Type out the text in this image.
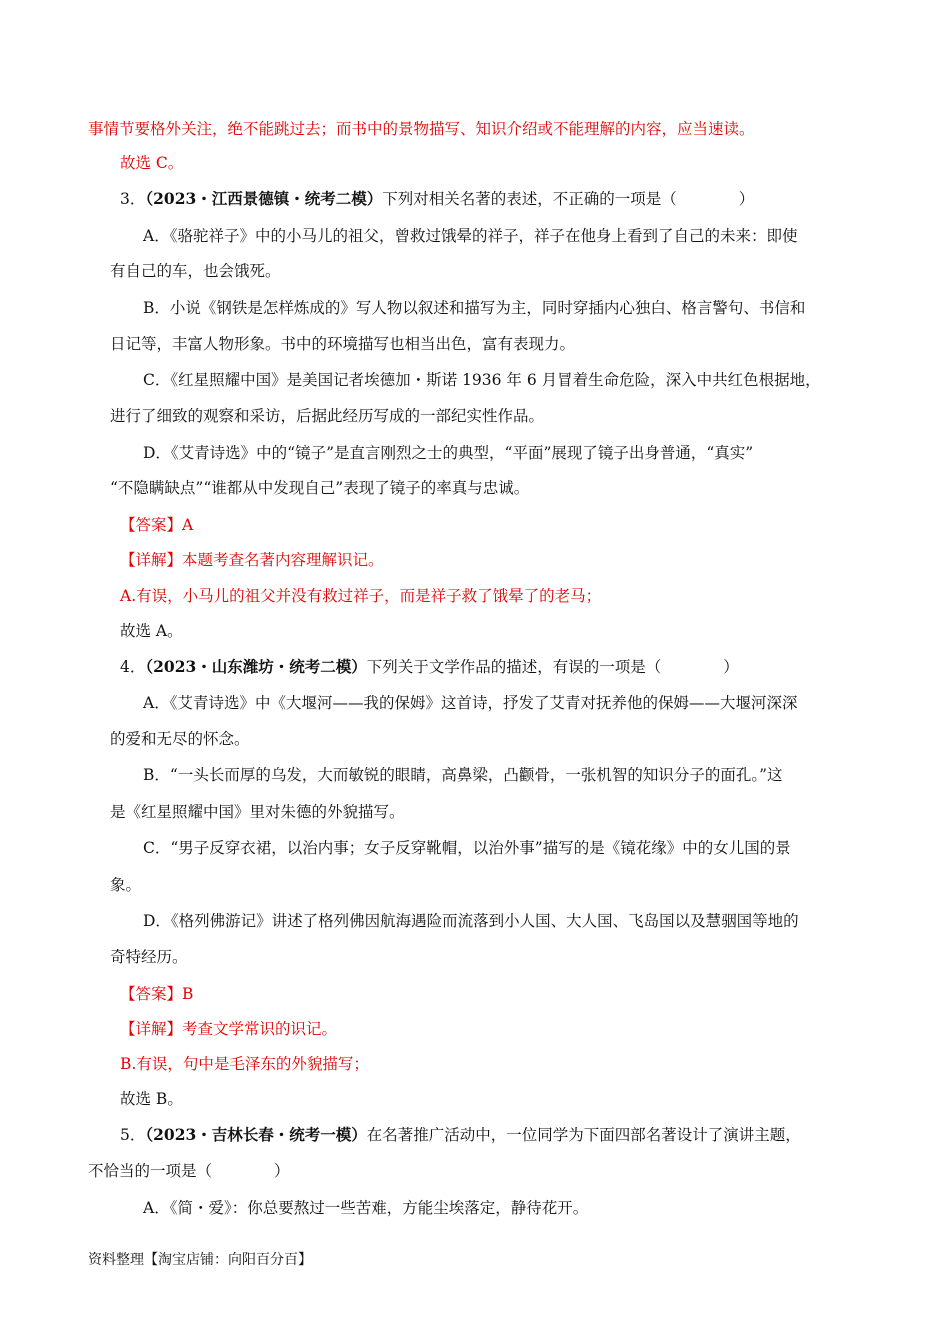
事情节要格外关注，绝不能跳过去；而书中的景物描写、知识介绍或不能理解的内容，应当速读。
故选 C。
3．（2023・江西景德镇・统考二模）下列对相关名著的表述，不正确的一项是（　　　　）
A．《骆驼祥子》中的小马儿的祖父，曾救过饿晕的祥子，祥子在他身上看到了自己的未来：即使
有自己的车，也会饿死。
B．小说《钢铁是怎样炼成的》写人物以叙述和描写为主，同时穿插内心独白、格言警句、书信和
日记等，丰富人物形象。书中的环境描写也相当出色，富有表现力。
C．《红星照耀中国》是美国记者埃德加・斯诺 1936 年 6 月冒着生命危险，深入中共红色根据地，
进行了细致的观察和采访，后据此经历写成的一部纪实性作品。
D．《艾青诗选》中的“镜子”是直言刚烈之士的典型，“平面”展现了镜子出身普通，“真实”
“不隐瞒缺点”“谁都从中发现自己”表现了镜子的率真与忠诚。
【答案】A
【详解】本题考查名著内容理解识记。
A.有误，小马儿的祖父并没有救过祥子，而是祥子救了饿晕了的老马；
故选 A。
4．（2023・山东潍坊・统考二模）下列关于文学作品的描述，有误的一项是（　　　　）
A．《艾青诗选》中《大堰河——我的保姆》这首诗，抒发了艾青对抚养他的保姆——大堰河深深
的爱和无尽的怀念。
B．“一头长而厚的乌发，大而敏锐的眼睛，高鼻梁，凸颧骨，一张机智的知识分子的面孔。”这
是《红星照耀中国》里对朱德的外貌描写。
C．“男子反穿衣裙，以治内事；女子反穿靴帽，以治外事”描写的是《镜花缘》中的女儿国的景
象。
D．《格列佛游记》讲述了格列佛因航海遇险而流落到小人国、大人国、飞岛国以及慧骃国等地的
奇特经历。
【答案】B
【详解】考查文学常识的识记。
B.有误，句中是毛泽东的外貌描写；
故选 B。
5．（2023・吉林长春・统考一模）在名著推广活动中，一位同学为下面四部名著设计了演讲主题，
不恰当的一项是（　　　　）
A．《简・爱》：你总要熬过一些苦难，方能尘埃落定，静待花开。
资料整理【淘宝店铺：向阳百分百】
